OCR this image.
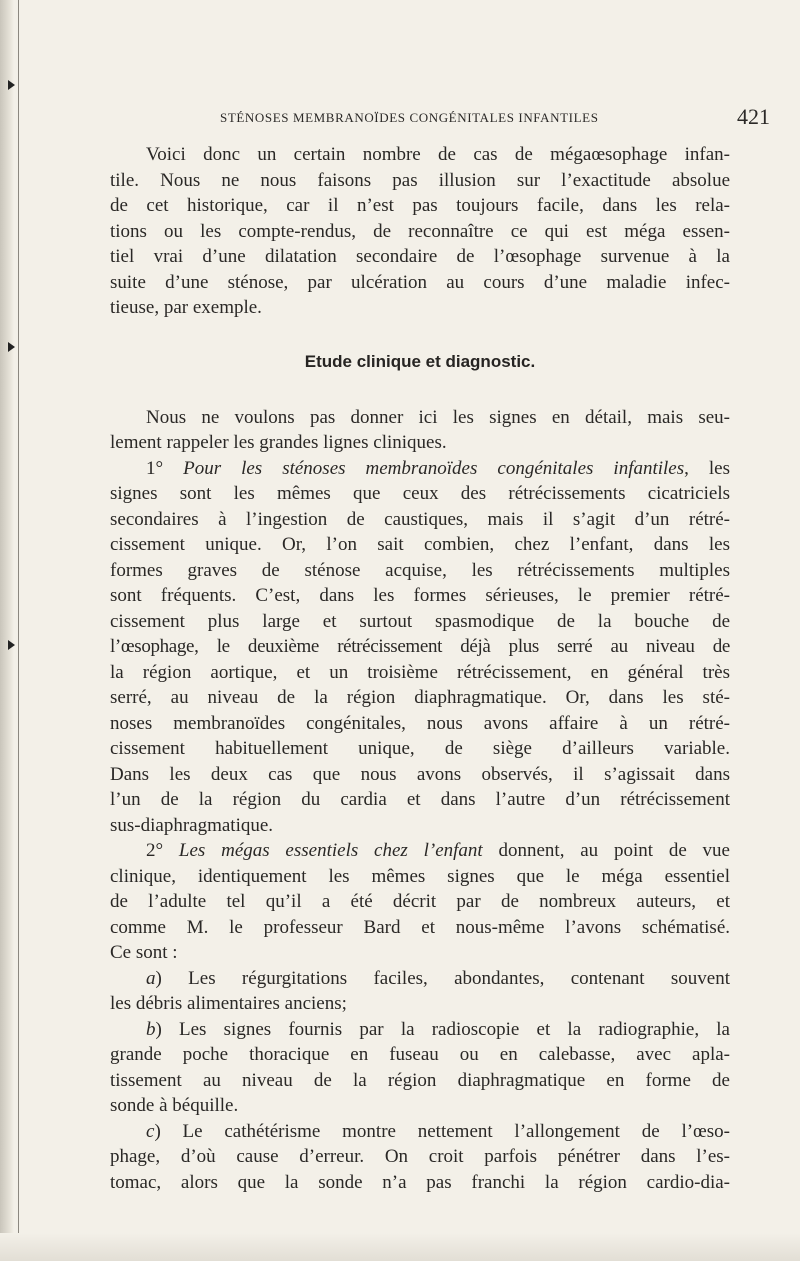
STÉNOSES MEMBRANOÏDES CONGÉNITALES INFANTILES	421
Voici donc un certain nombre de cas de mégaœsophage infan-
tile. Nous ne nous faisons pas illusion sur l’exactitude absolue
de cet historique, car il n’est pas toujours facile, dans les rela-
tions ou les compte-rendus, de reconnaître ce qui est méga essen-
tiel vrai d’une dilatation secondaire de l’œsophage survenue à la
suite d’une sténose, par ulcération au cours d’une maladie infec-
tieuse, par exemple.
Etude clinique et diagnostic.
Nous ne voulons pas donner ici les signes en détail, mais seu-
lement rappeler les grandes lignes cliniques.
1° Pour les sténoses membranoïdes congénitales infantiles, les
signes sont les mêmes que ceux des rétrécissements cicatriciels
secondaires à l’ingestion de caustiques, mais il s’agit d’un rétré-
cissement unique. Or, l’on sait combien, chez l’enfant, dans les
formes graves de sténose acquise, les rétrécissements multiples
sont fréquents. C’est, dans les formes sérieuses, le premier rétré-
cissement plus large et surtout spasmodique de la bouche de
l’œsophage, le deuxième rétrécissement déjà plus serré au niveau de
la région aortique, et un troisième rétrécissement, en général très
serré, au niveau de la région diaphragmatique. Or, dans les sté-
noses membranoïdes congénitales, nous avons affaire à un rétré-
cissement habituellement unique, de siège d’ailleurs variable.
Dans les deux cas que nous avons observés, il s’agissait dans
l’un de la région du cardia et dans l’autre d’un rétrécissement
sus-diaphragmatique.
2° Les mégas essentiels chez l’enfant donnent, au point de vue
clinique, identiquement les mêmes signes que le méga essentiel
de l’adulte tel qu’il a été décrit par de nombreux auteurs, et
comme M. le professeur Bard et nous-même l’avons schématisé.
Ce sont :
a) Les régurgitations faciles, abondantes, contenant souvent
les débris alimentaires anciens;
b) Les signes fournis par la radioscopie et la radiographie, la
grande poche thoracique en fuseau ou en calebasse, avec apla-
tissement au niveau de la région diaphragmatique en forme de
sonde à béquille.
c) Le cathétérisme montre nettement l’allongement de l’œso-
phage, d’où cause d’erreur. On croit parfois pénétrer dans l’es-
tomac, alors que la sonde n’a pas franchi la région cardio-dia-
